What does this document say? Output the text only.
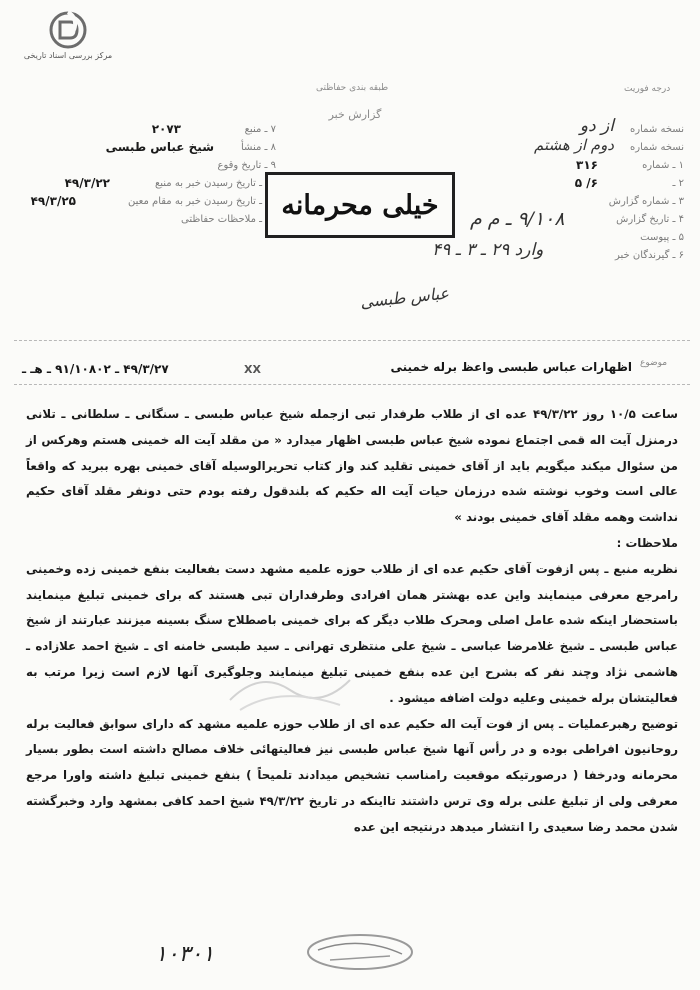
مرکز بررسی اسناد تاریخی
طبقه بندی حفاظتی	درجه فوریت
گزارش خبر
۷ ـ منبع
۲۰۷۳
۸ ـ منشأ
شیخ عباس طبسی
۹ ـ تاریخ وقوع
ـ تاریخ رسیدن خبر به منبع
۴۹/۳/۲۲
ـ تاریخ رسیدن خبر به مقام معین
۴۹/۳/۲۵
ـ ملاحظات حفاظتی
نسخه شماره
از دو
نسخه شماره
دوم از هشتم
۱ ـ شماره
۳۱۶
۲ ـ
۶/ ۵
۳ ـ شماره گزارش
۴ ـ تاریخ گزارش
۵ ـ پیوست
۶ ـ گیرندگان خبر
خیلی محرمانه	۹/۱۰۸ ـ م م
وارد ۲۹ ـ ۳ ـ ۴۹
عباس طبسی
موضوع
اظهارات عباس طبسی واعظ برله خمینی
XX
۴۹/۳/۲۷ ـ ۹۱/۱۰۸۰۲ ـ هـ ـ

ساعت ۱۰/۵ روز ۴۹/۳/۲۲ عده ای از طلاب طرفدار تبی ازجمله شیخ عباس طبسی ـ سنگانی ـ سلطانی ـ تلانی درمنزل آیت اله قمی اجتماع نموده شیخ عباس طبسی اظهار میدارد « من مقلد آیت اله خمینی هستم وهرکس از من سئوال میکند میگویم باید از آقای خمینی تقلید کند واز کتاب تحریرالوسیله آقای خمینی بهره ببرید که واقعاً عالی است وخوب نوشته شده درزمان حیات آیت اله حکیم که بلندقول رفته بودم حتی دونفر مقلد آقای حکیم نداشت وهمه مقلد آقای خمینی بودند »

ملاحظات :

نظریه منبع ـ پس ازفوت آقای حکیم عده ای از طلاب حوزه علمیه مشهد دست بفعالیت بنفع خمینی زده وخمینی رامرجع معرفی مینمایند واین عده بهشتر همان افرادی وطرفداران تبی هستند که برای خمینی تبلیغ مینمایند باستحضار اینکه شده عامل اصلی ومحرک طلاب دیگر که برای خمینی باصطلاح سنگ بسینه میزنند عبارتند از شیخ عباس طبسی ـ شیخ غلامرضا عباسی ـ شیخ علی منتظری تهرانی ـ سید طبسی خامنه ای ـ شیخ احمد علازاده ـ هاشمی نژاد وچند نفر که بشرح این عده بنفع خمینی تبلیغ مینمایند وجلوگیری آنها لازم است زیرا مرتب به فعالیتشان برله خمینی وعلیه دولت اضافه میشود .

توضیح رهبرعملیات ـ پس از فوت آیت اله حکیم عده ای از طلاب حوزه علمیه مشهد که دارای سوابق فعالیت برله روحانیون افراطی بوده و در رأس آنها شیخ عباس طبسی نیز فعالیتهائی خلاف مصالح داشته است بطور بسیار محرمانه ودرخفا ( درصورتیکه موقعیت رامناسب تشخیص میدادند تلمیحاً ) بنفع خمینی تبلیغ داشته واورا مرجع معرفی ولی از تبلیغ علنی برله وی ترس داشتند تااینکه در تاریخ ۴۹/۳/۲۲ شیخ احمد کافی بمشهد وارد وخبرگشته شدن محمد رضا سعیدی را انتشار میدهد درنتیجه این عده

۱۰۳۰۱
